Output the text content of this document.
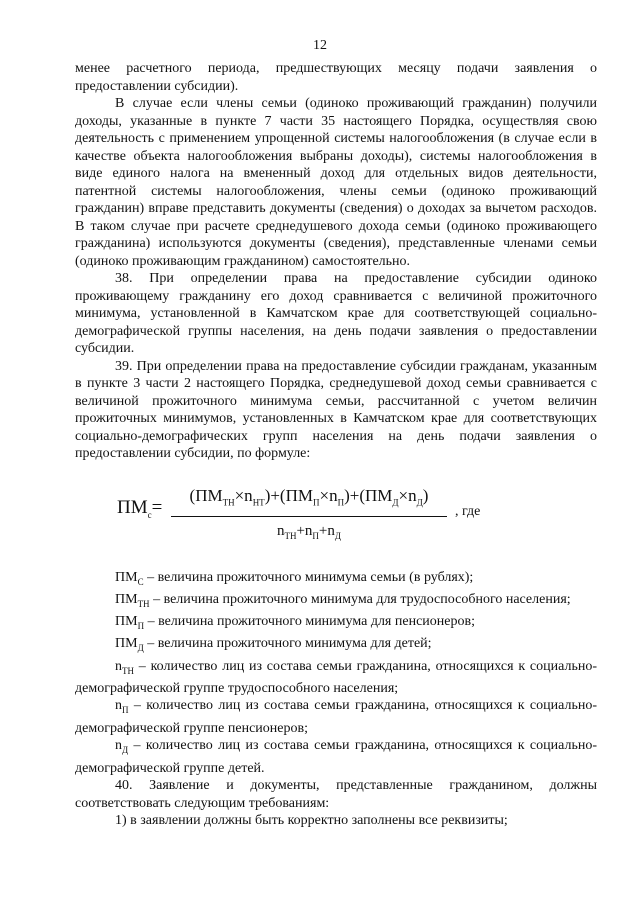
12

менее расчетного периода, предшествующих месяцу подачи заявления о предоставлении субсидии).

В случае если члены семьи (одиноко проживающий гражданин) получили доходы, указанные в пункте 7 части 35 настоящего Порядка, осуществляя свою деятельность с применением упрощенной системы налогообложения (в случае если в качестве объекта налогообложения выбраны доходы), системы налогообложения в виде единого налога на вмененный доход для отдельных видов деятельности, патентной системы налогообложения, члены семьи (одиноко проживающий гражданин) вправе представить документы (сведения) о доходах за вычетом расходов. В таком случае при расчете среднедушевого дохода семьи (одиноко проживающего гражданина) используются документы (сведения), представленные членами семьи (одиноко проживающим гражданином) самостоятельно.

38. При определении права на предоставление субсидии одиноко проживающему гражданину его доход сравнивается с величиной прожиточного минимума, установленной в Камчатском крае для соответствующей социально-демографической группы населения, на день подачи заявления о предоставлении субсидии.

39. При определении права на предоставление субсидии гражданам, указанным в пункте 3 части 2 настоящего Порядка, среднедушевой доход семьи сравнивается с величиной прожиточного минимума семьи, рассчитанной с учетом величин прожиточных минимумов, установленных в Камчатском крае для соответствующих социально-демографических групп населения на день подачи заявления о предоставлении субсидии, по формуле:

$ПМ_с=$
$(ПМ_{ТН}\times n_{НТ})+(ПМ_П\times n_П)+(ПМ_Д\times n_Д)$
$n_{ТН}+n_П+n_Д$
, где

$ПМ_С$ – величина прожиточного минимума семьи (в рублях);

$ПМ_{ТН}$ – величина прожиточного минимума для трудоспособного населения;

$ПМ_П$ – величина прожиточного минимума для пенсионеров;

$ПМ_Д$ – величина прожиточного минимума для детей;

$n_{ТН}$ – количество лиц из состава семьи гражданина, относящихся к социально-демографической группе трудоспособного населения;

$n_П$ – количество лиц из состава семьи гражданина, относящихся к социально-демографической группе пенсионеров;

$n_Д$ – количество лиц из состава семьи гражданина, относящихся к социально-демографической группе детей.

40. Заявление и документы, представленные гражданином, должны соответствовать следующим требованиям:

1) в заявлении должны быть корректно заполнены все реквизиты;
